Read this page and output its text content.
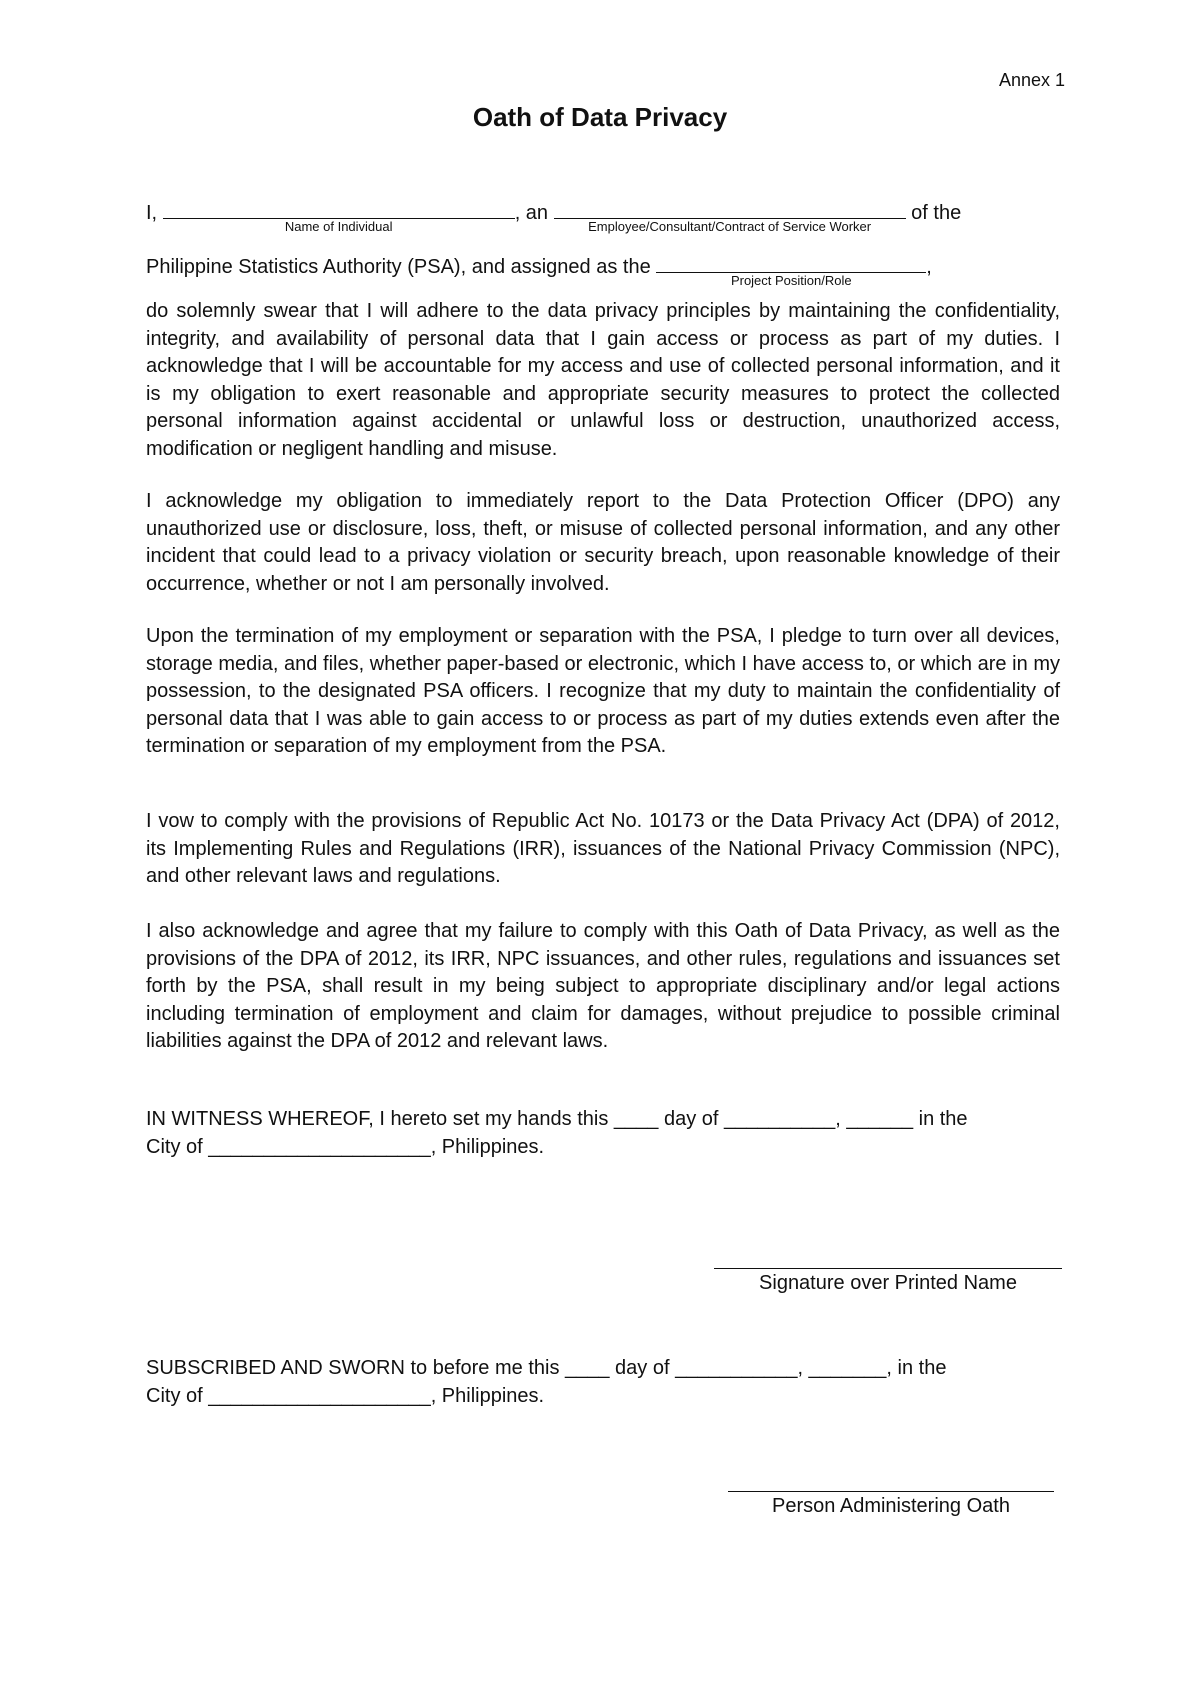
Annex 1
Oath of Data Privacy
I,
Name of Individual
, an
Employee/Consultant/Contract of Service Worker
of the
Philippine Statistics Authority (PSA), and assigned as the
Project Position/Role
,
do solemnly swear that I will adhere to the data privacy principles by maintaining the confidentiality, integrity, and availability of personal data that I gain access or process as part of my duties. I acknowledge that I will be accountable for my access and use of collected personal information, and it is my obligation to exert reasonable and appropriate security measures to protect the collected personal information against accidental or unlawful loss or destruction, unauthorized access, modification or negligent handling and misuse.
I acknowledge my obligation to immediately report to the Data Protection Officer (DPO) any unauthorized use or disclosure, loss, theft, or misuse of collected personal information, and any other incident that could lead to a privacy violation or security breach, upon reasonable knowledge of their occurrence, whether or not I am personally involved.
Upon the termination of my employment or separation with the PSA, I pledge to turn over all devices, storage media, and files, whether paper-based or electronic, which I have access to, or which are in my possession, to the designated PSA officers. I recognize that my duty to maintain the confidentiality of personal data that I was able to gain access to or process as part of my duties extends even after the termination or separation of my employment from the PSA.
I vow to comply with the provisions of Republic Act No. 10173 or the Data Privacy Act (DPA) of 2012, its Implementing Rules and Regulations (IRR), issuances of the National Privacy Commission (NPC), and other relevant laws and regulations.
I also acknowledge and agree that my failure to comply with this Oath of Data Privacy, as well as the provisions of the DPA of 2012, its IRR, NPC issuances, and other rules, regulations and issuances set forth by the PSA, shall result in my being subject to appropriate disciplinary and/or legal actions including termination of employment and claim for damages, without prejudice to possible criminal liabilities against the DPA of 2012 and relevant laws.
IN WITNESS WHEREOF, I hereto set my hands this ____ day of __________, ______ in the
City of ____________________, Philippines.
Signature over Printed Name
SUBSCRIBED AND SWORN to before me this ____ day of ___________, _______, in the
City of ____________________, Philippines.
Person Administering Oath
